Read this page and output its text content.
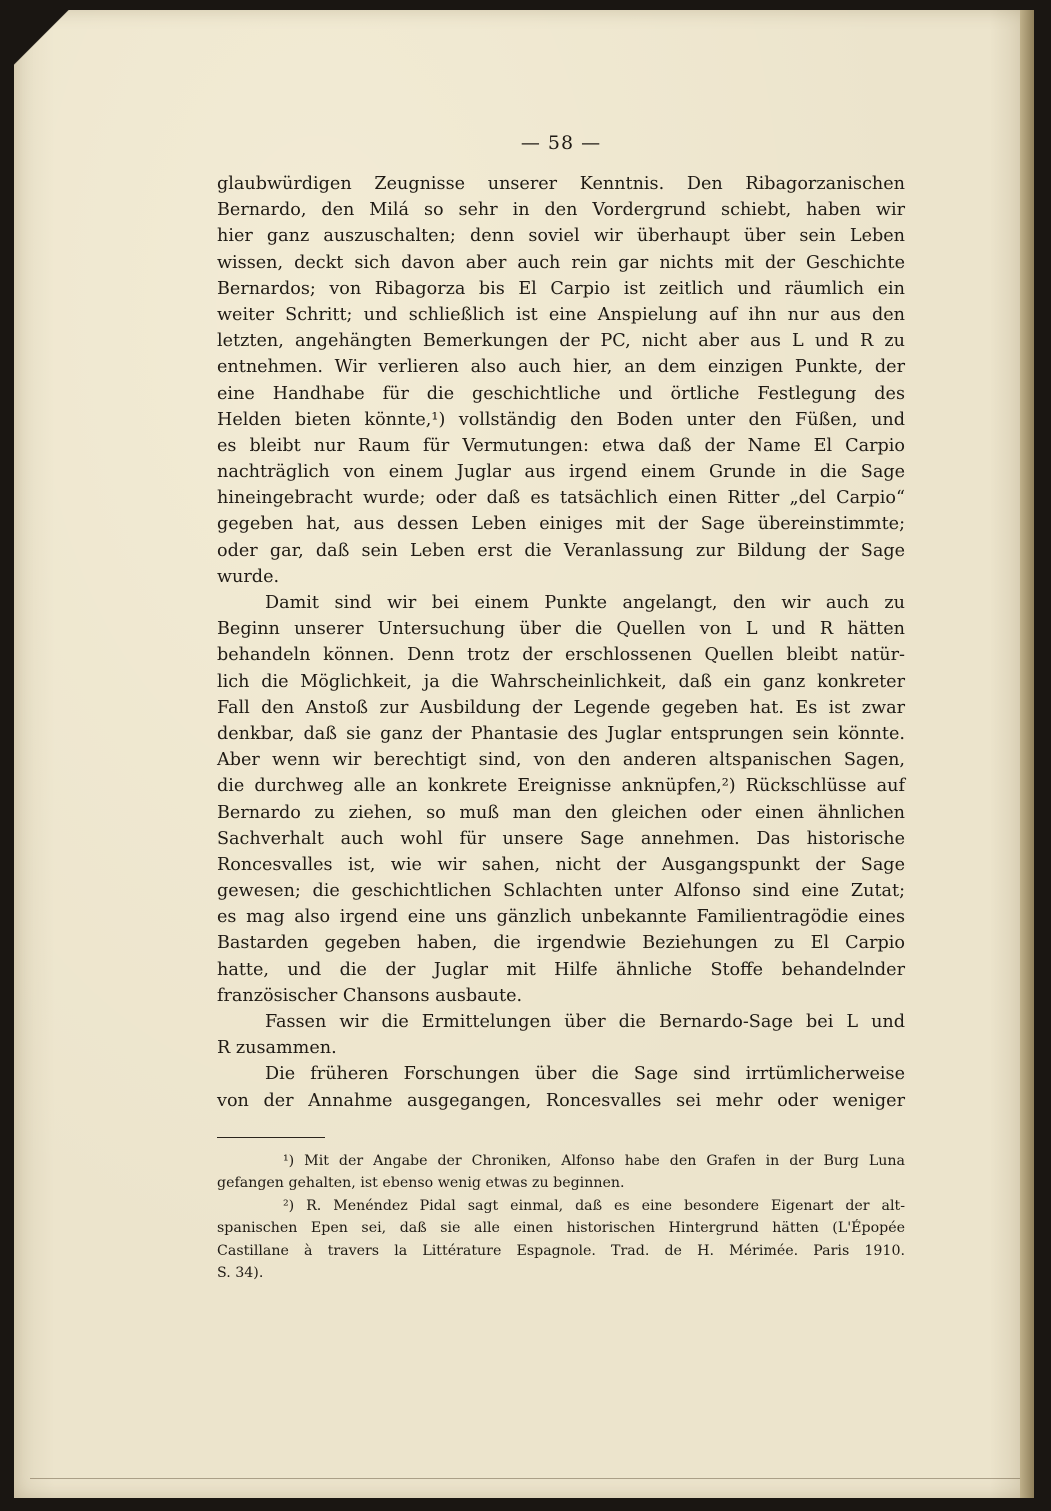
— 58 —
glaubwürdigen Zeugnisse unserer Kenntnis. Den Ribagorzanischen
Bernardo, den Milá so sehr in den Vordergrund schiebt, haben wir
hier ganz auszuschalten; denn soviel wir überhaupt über sein Leben
wissen, deckt sich davon aber auch rein gar nichts mit der Geschichte
Bernardos; von Ribagorza bis El Carpio ist zeitlich und räumlich ein
weiter Schritt; und schließlich ist eine Anspielung auf ihn nur aus den
letzten, angehängten Bemerkungen der PC, nicht aber aus L und R zu
entnehmen. Wir verlieren also auch hier, an dem einzigen Punkte, der
eine Handhabe für die geschichtliche und örtliche Festlegung des
Helden bieten könnte,¹) vollständig den Boden unter den Füßen, und
es bleibt nur Raum für Vermutungen: etwa daß der Name El Carpio
nachträglich von einem Juglar aus irgend einem Grunde in die Sage
hineingebracht wurde; oder daß es tatsächlich einen Ritter „del Carpio“
gegeben hat, aus dessen Leben einiges mit der Sage übereinstimmte;
oder gar, daß sein Leben erst die Veranlassung zur Bildung der Sage
wurde.
Damit sind wir bei einem Punkte angelangt, den wir auch zu
Beginn unserer Untersuchung über die Quellen von L und R hätten
behandeln können. Denn trotz der erschlossenen Quellen bleibt natür-
lich die Möglichkeit, ja die Wahrscheinlichkeit, daß ein ganz konkreter
Fall den Anstoß zur Ausbildung der Legende gegeben hat. Es ist zwar
denkbar, daß sie ganz der Phantasie des Juglar entsprungen sein könnte.
Aber wenn wir berechtigt sind, von den anderen altspanischen Sagen,
die durchweg alle an konkrete Ereignisse anknüpfen,²) Rückschlüsse auf
Bernardo zu ziehen, so muß man den gleichen oder einen ähnlichen
Sachverhalt auch wohl für unsere Sage annehmen. Das historische
Roncesvalles ist, wie wir sahen, nicht der Ausgangspunkt der Sage
gewesen; die geschichtlichen Schlachten unter Alfonso sind eine Zutat;
es mag also irgend eine uns gänzlich unbekannte Familientragödie eines
Bastarden gegeben haben, die irgendwie Beziehungen zu El Carpio
hatte, und die der Juglar mit Hilfe ähnliche Stoffe behandelnder
französischer Chansons ausbaute.
Fassen wir die Ermittelungen über die Bernardo-Sage bei L und
R zusammen.
Die früheren Forschungen über die Sage sind irrtümlicherweise
von der Annahme ausgegangen, Roncesvalles sei mehr oder weniger
¹) Mit der Angabe der Chroniken, Alfonso habe den Grafen in der Burg Luna
gefangen gehalten, ist ebenso wenig etwas zu beginnen.
²) R. Menéndez Pidal sagt einmal, daß es eine besondere Eigenart der alt-
spanischen Epen sei, daß sie alle einen historischen Hintergrund hätten (L'Épopée
Castillane à travers la Littérature Espagnole. Trad. de H. Mérimée. Paris 1910.
S. 34).
